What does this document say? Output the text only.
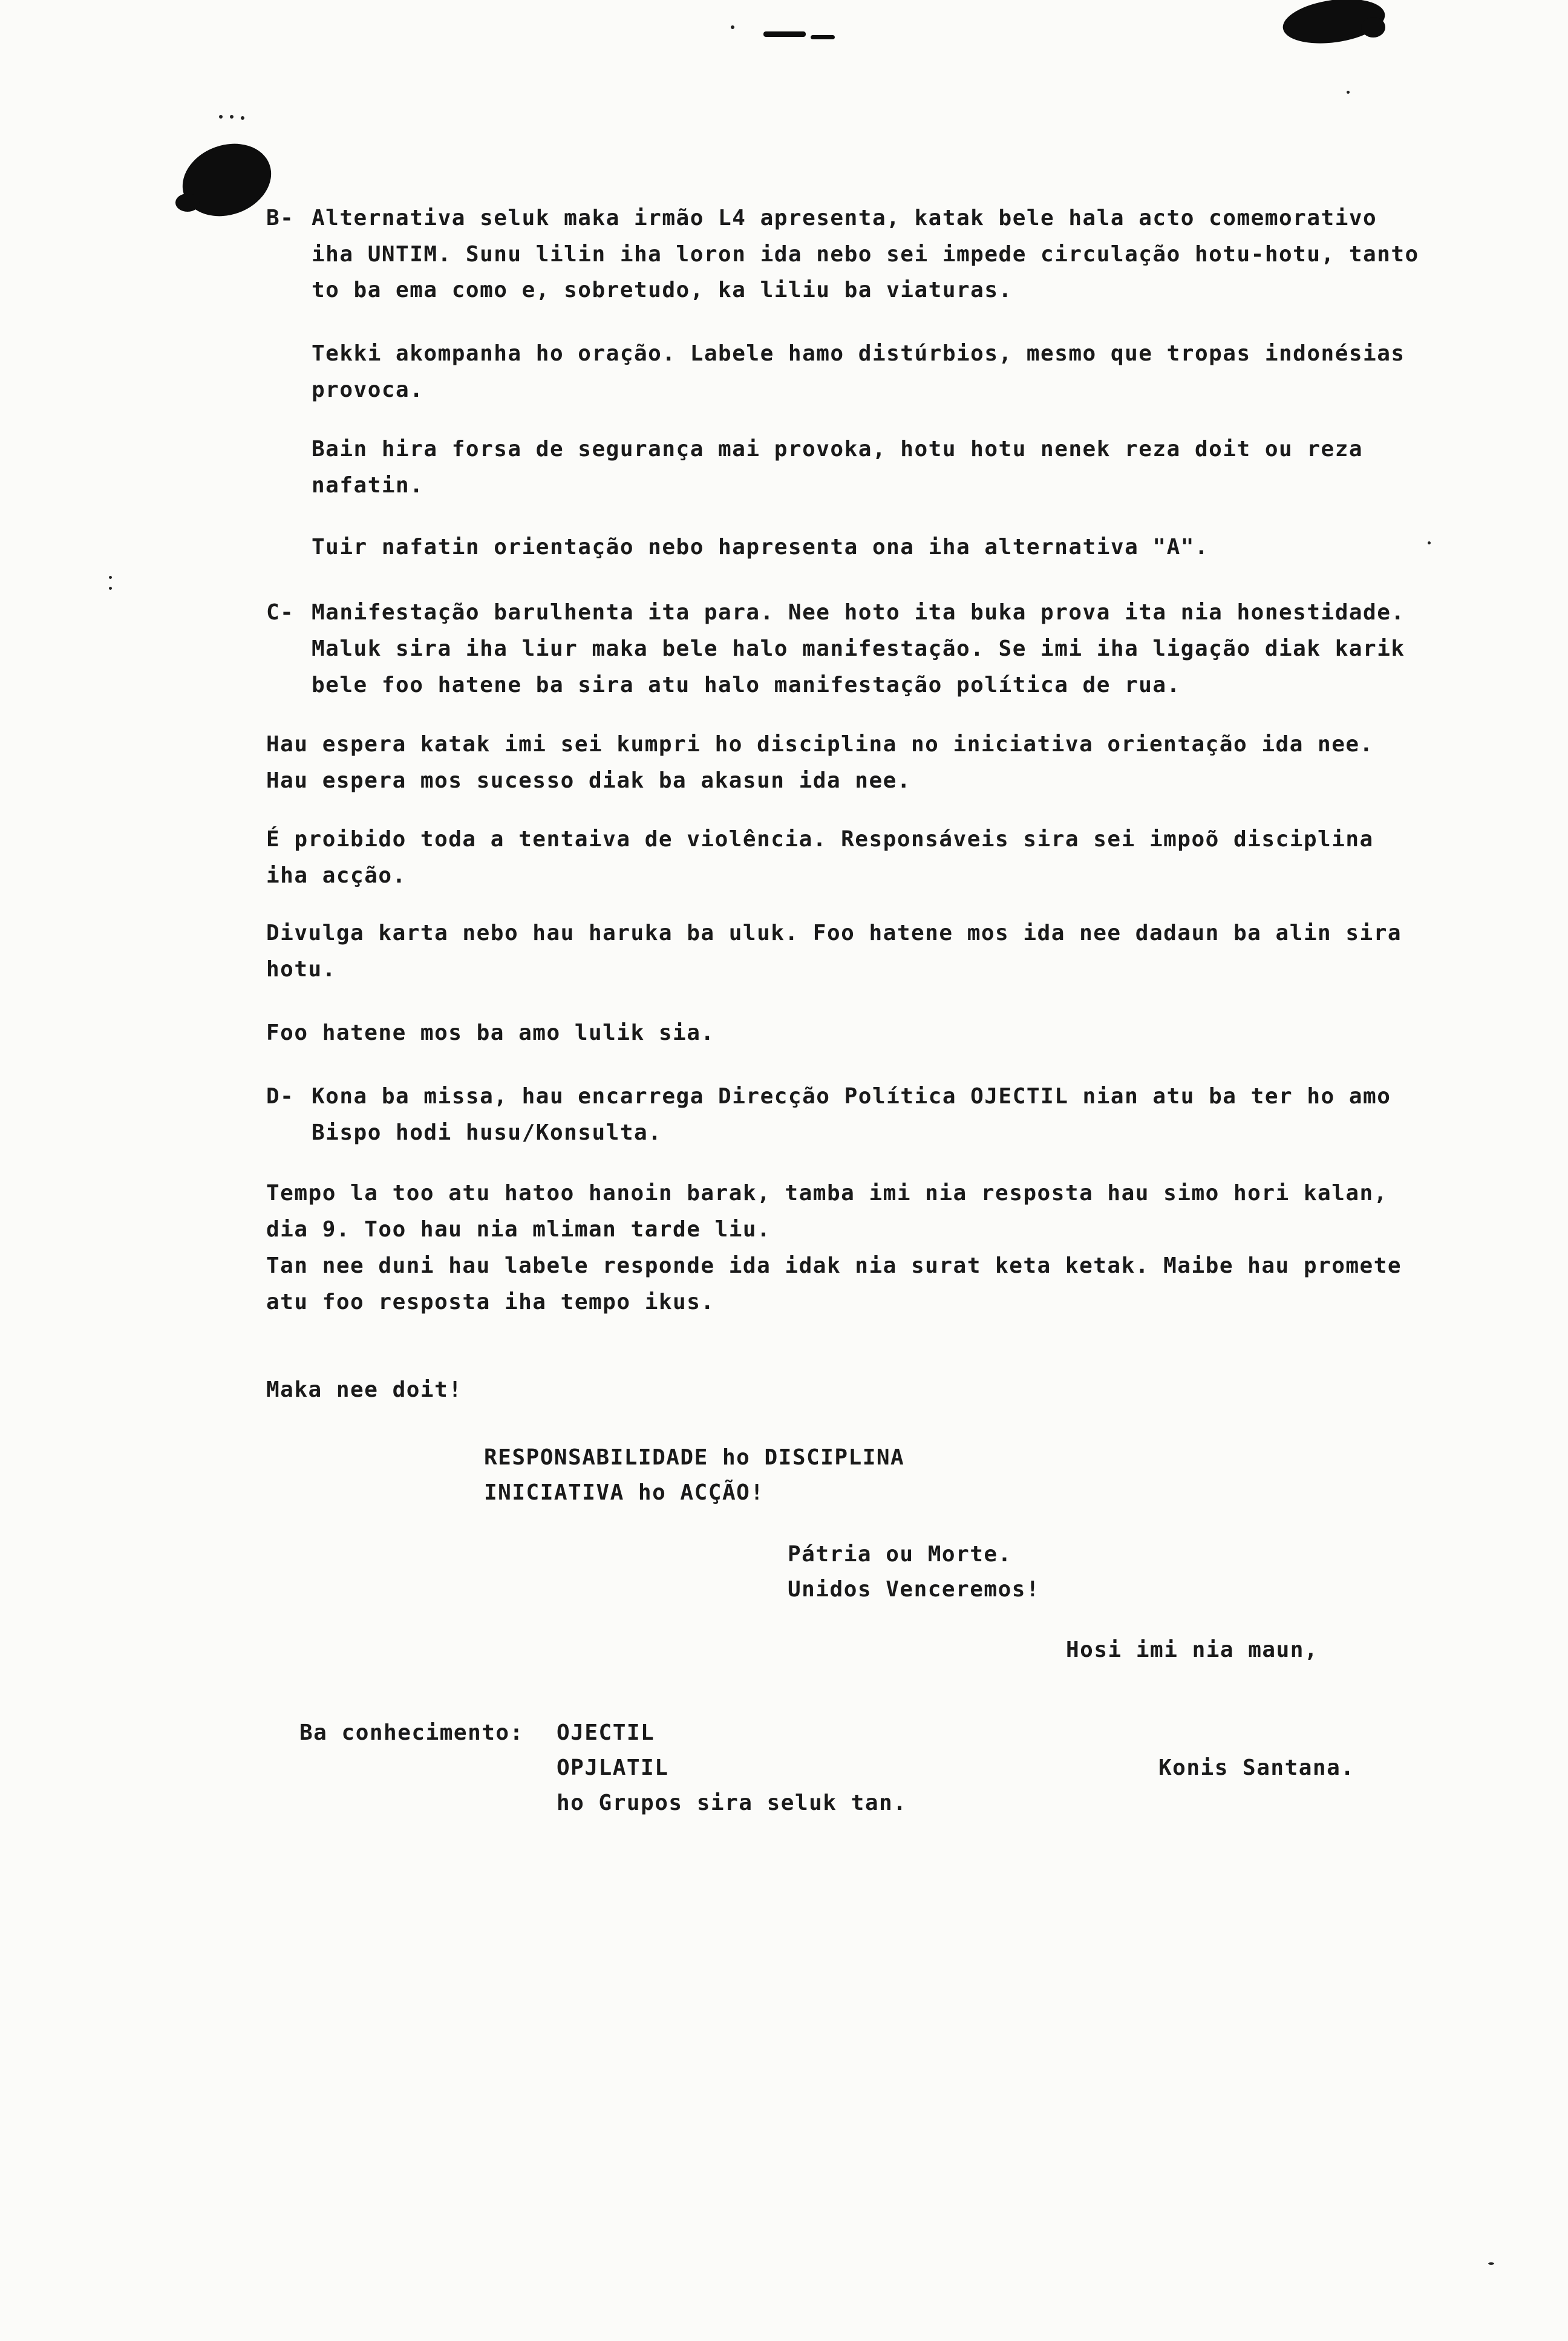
B- Alternativa seluk maka irmão L4 apresenta, katak bele hala acto comemorativo
iha UNTIM. Sunu lilin iha loron ida nebo sei impede circulação hotu-hotu, tanto
to ba ema como e, sobretudo, ka liliu ba viaturas.
Tekki akompanha ho oração. Labele hamo distúrbios, mesmo que tropas indonésias
provoca.
Bain hira forsa de segurança mai provoka, hotu hotu nenek reza doit ou reza
nafatin.
Tuir nafatin orientação nebo hapresenta ona iha alternativa "A".
C- Manifestação barulhenta ita para. Nee hoto ita buka prova ita nia honestidade.
Maluk sira iha liur maka bele halo manifestação. Se imi iha ligação diak karik
bele foo hatene ba sira atu halo manifestação política de rua.
Hau espera katak imi sei kumpri ho disciplina no iniciativa orientação ida nee.
Hau espera mos sucesso diak ba akasun ida nee.
É proibido toda a tentaiva de violência. Responsáveis sira sei impoõ disciplina
iha acção.
Divulga karta nebo hau haruka ba uluk. Foo hatene mos ida nee dadaun ba alin sira
hotu.
Foo hatene mos ba amo lulik sia.
D- Kona ba missa, hau encarrega Direcção Política OJECTIL nian atu ba ter ho amo
Bispo hodi husu/Konsulta.
Tempo la too atu hatoo hanoin barak, tamba imi nia resposta hau simo hori kalan,
dia 9. Too hau nia mliman tarde liu.
Tan nee duni hau labele responde ida idak nia surat keta ketak. Maibe hau promete
atu foo resposta iha tempo ikus.
Maka nee doit!
RESPONSABILIDADE ho DISCIPLINA
INICIATIVA ho ACÇÃO!
Pátria ou Morte.
Unidos Venceremos!
Hosi imi nia maun,
Ba conhecimento: OJECTIL
OPJLATIL
ho Grupos sira seluk tan.
Konis Santana.
